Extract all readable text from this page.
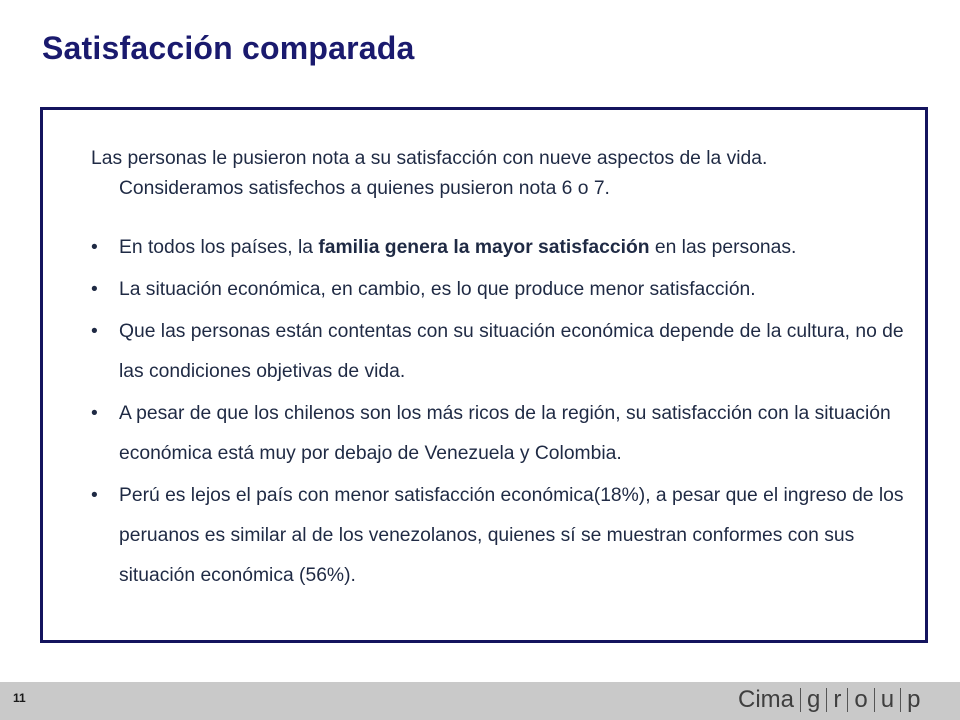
Satisfacción comparada

Las personas le pusieron nota a su satisfacción con nueve aspectos de la vida.
Consideramos satisfechos a quienes pusieron nota 6 o 7.

•	En todos los países, la familia genera la mayor satisfacción en las personas.
•	La situación económica, en cambio, es lo que produce menor satisfacción.
•	Que las personas están contentas con su situación económica depende de la cultura, no de las condiciones objetivas de vida.
•	A pesar de que los chilenos son los más ricos de la región, su satisfacción con la situación económica está muy por debajo de Venezuela y Colombia.
•	Perú es lejos el país con menor satisfacción económica(18%), a pesar que el ingreso de los peruanos es similar al de los venezolanos, quienes sí se muestran conformes con sus situación económica (56%).
11	Cima g r o u p
